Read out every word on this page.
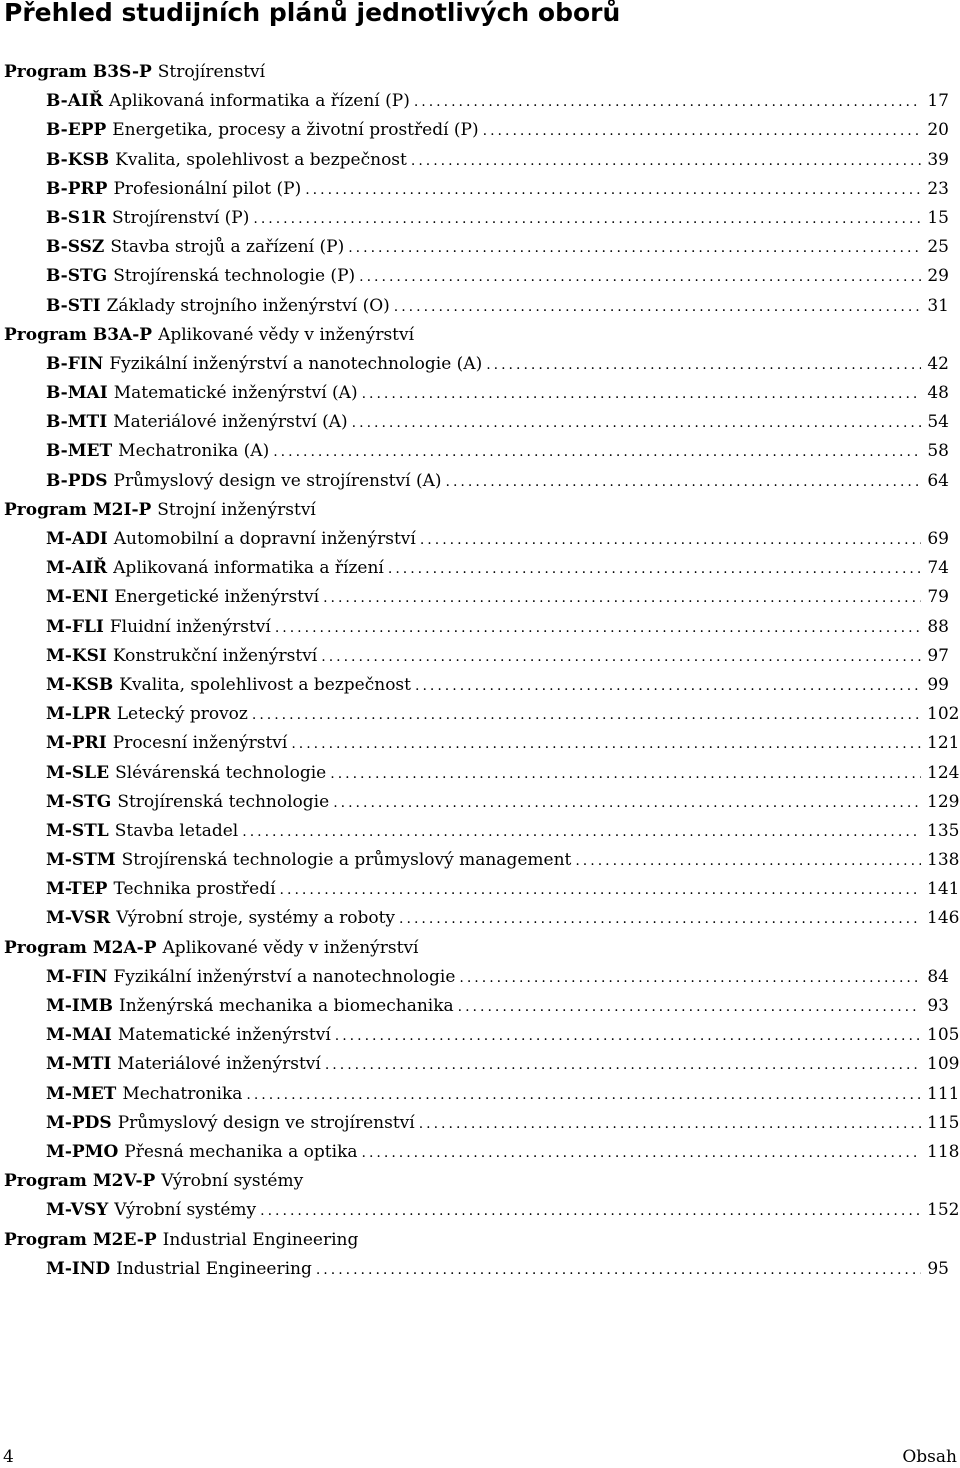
Přehled studijních plánů jednotlivých oborů
Program B3S-P Strojírenství
B-AIŘ Aplikovaná informatika a řízení (P) .....	17
B-EPP Energetika, procesy a životní prostředí (P) .....	20
B-KSB Kvalita, spolehlivost a bezpečnost .....	39
B-PRP Profesionální pilot (P) .....	23
B-S1R Strojírenství (P) .....	15
B-SSZ Stavba strojů a zařízení (P) .....	25
B-STG Strojírenská technologie (P) .....	29
B-STI Základy strojního inženýrství (O) .....	31
Program B3A-P Aplikované vědy v inženýrství
B-FIN Fyzikální inženýrství a nanotechnologie (A) .....	42
B-MAI Matematické inženýrství (A) .....	48
B-MTI Materiálové inženýrství (A) .....	54
B-MET Mechatronika (A) .....	58
B-PDS Průmyslový design ve strojírenství (A) .....	64
Program M2I-P Strojní inženýrství
M-ADI Automobilní a dopravní inženýrství .....	69
M-AIŘ Aplikovaná informatika a řízení .....	74
M-ENI Energetické inženýrství .....	79
M-FLI Fluidní inženýrství .....	88
M-KSI Konstrukční inženýrství .....	97
M-KSB Kvalita, spolehlivost a bezpečnost .....	99
M-LPR Letecký provoz .....	102
M-PRI Procesní inženýrství .....	121
M-SLE Slévárenská technologie .....	124
M-STG Strojírenská technologie .....	129
M-STL Stavba letadel .....	135
M-STM Strojírenská technologie a průmyslový management .....	138
M-TEP Technika prostředí .....	141
M-VSR Výrobní stroje, systémy a roboty .....	146
Program M2A-P Aplikované vědy v inženýrství
M-FIN Fyzikální inženýrství a nanotechnologie .....	84
M-IMB Inženýrská mechanika a biomechanika .....	93
M-MAI Matematické inženýrství .....	105
M-MTI Materiálové inženýrství .....	109
M-MET Mechatronika .....	111
M-PDS Průmyslový design ve strojírenství .....	115
M-PMO Přesná mechanika a optika .....	118
Program M2V-P Výrobní systémy
M-VSY Výrobní systémy .....	152
Program M2E-P Industrial Engineering
M-IND Industrial Engineering .....	95
4	Obsah
